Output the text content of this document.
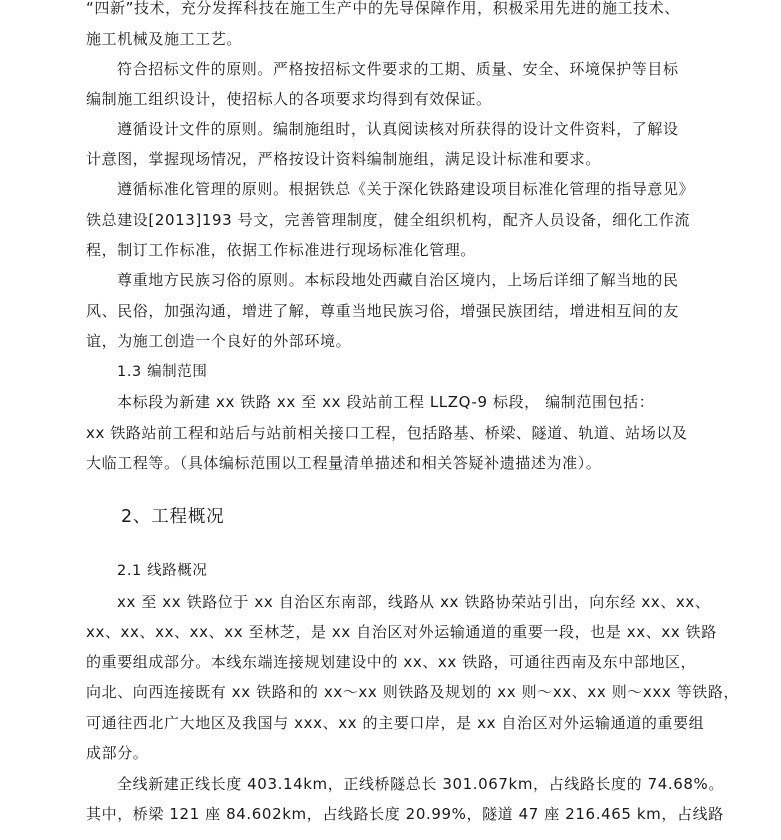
“四新”技术，充分发挥科技在施工生产中的先导保障作用，积极采用先进的施工技术、
施工机械及施工工艺。
符合招标文件的原则。严格按招标文件要求的工期、质量、安全、环境保护等目标
编制施工组织设计，使招标人的各项要求均得到有效保证。
遵循设计文件的原则。编制施组时，认真阅读核对所获得的设计文件资料，了解设
计意图，掌握现场情况，严格按设计资料编制施组，满足设计标准和要求。
遵循标准化管理的原则。根据铁总《关于深化铁路建设项目标准化管理的指导意见》
铁总建设[2013]193 号文，完善管理制度，健全组织机构，配齐人员设备，细化工作流
程，制订工作标准，依据工作标准进行现场标准化管理。
尊重地方民族习俗的原则。本标段地处西藏自治区境内，上场后详细了解当地的民
风、民俗，加强沟通，增进了解，尊重当地民族习俗，增强民族团结，增进相互间的友
谊，为施工创造一个良好的外部环境。
1.3 编制范围
本标段为新建 xx 铁路 xx 至 xx 段站前工程 LLZQ-9 标段， 编制范围包括：
xx 铁路站前工程和站后与站前相关接口工程，包括路基、桥梁、隧道、轨道、站场以及
大临工程等。（具体编标范围以工程量清单描述和相关答疑补遗描述为准）。
2、工程概况
2.1 线路概况
xx 至 xx 铁路位于 xx 自治区东南部，线路从 xx 铁路协荣站引出，向东经 xx、xx、
xx、xx、xx、xx、xx 至林芝，是 xx 自治区对外运输通道的重要一段，也是 xx、xx 铁路
的重要组成部分。本线东端连接规划建设中的 xx、xx 铁路，可通往西南及东中部地区，
向北、向西连接既有 xx 铁路和的 xx～xx 则铁路及规划的 xx 则～xx、xx 则～xxx 等铁路，
可通往西北广大地区及我国与 xxx、xx 的主要口岸，是 xx 自治区对外运输通道的重要组
成部分。
全线新建正线长度 403.14km，正线桥隧总长 301.067km，占线路长度的 74.68%。
其中，桥梁 121 座 84.602km，占线路长度 20.99%，隧道 47 座 216.465 km，占线路
